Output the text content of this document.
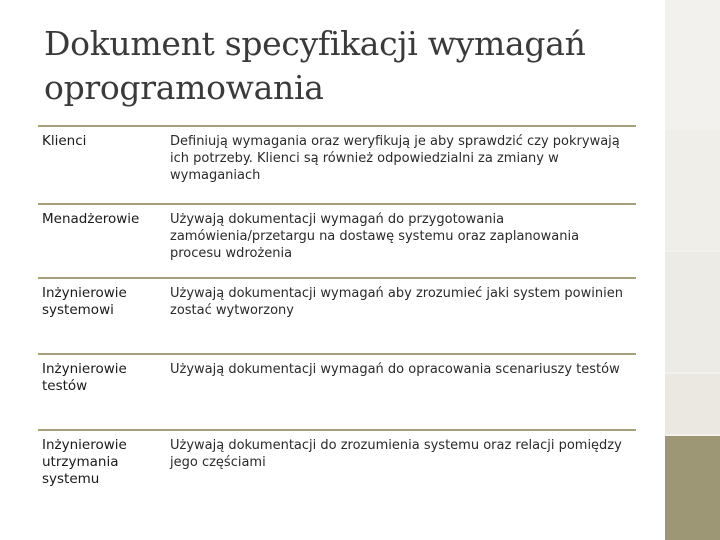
Dokument specyfikacji wymagań oprogramowania
Klienci	Definiują wymagania oraz weryfikują je aby sprawdzić czy pokrywają ich potrzeby. Klienci są również odpowiedzialni za zmiany w wymaganiach
Menadżerowie	Używają dokumentacji wymagań do przygotowania zamówienia/przetargu na dostawę systemu oraz zaplanowania procesu wdrożenia
Inżynierowie systemowi
Używają dokumentacji wymagań aby zrozumieć jaki system powinien zostać wytworzony
Inżynierowie testów
Używają dokumentacji wymagań do opracowania scenariuszy testów
Inżynierowie utrzymania systemu
Używają dokumentacji do zrozumienia systemu oraz relacji pomiędzy jego częściami
